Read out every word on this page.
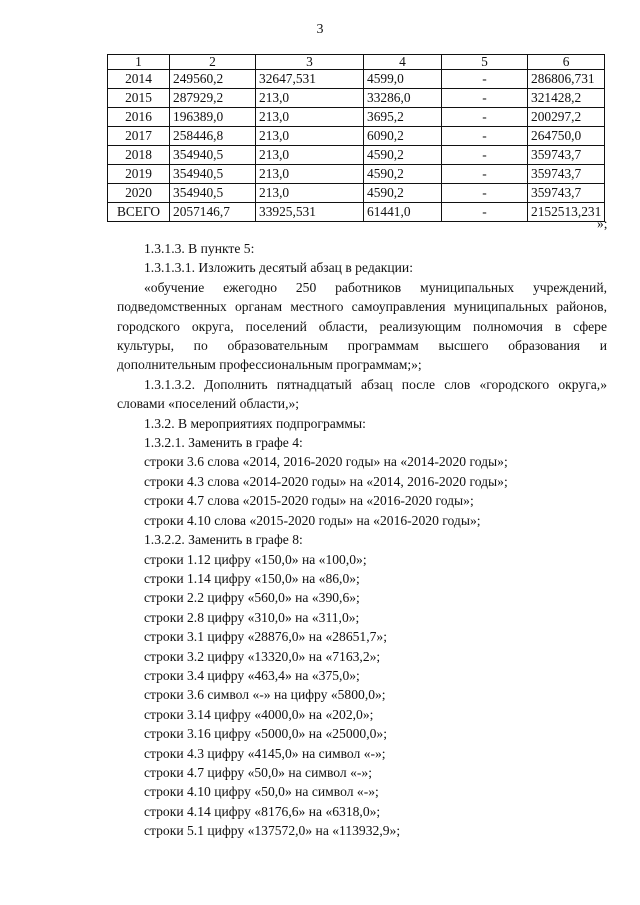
3
1	2	3	4	5	6
2014	249560,2	32647,531	4599,0	-	286806,731
2015	287929,2	213,0	33286,0	-	321428,2
2016	196389,0	213,0	3695,2	-	200297,2
2017	258446,8	213,0	6090,2	-	264750,0
2018	354940,5	213,0	4590,2	-	359743,7
2019	354940,5	213,0	4590,2	-	359743,7
2020	354940,5	213,0	4590,2	-	359743,7
ВСЕГО	2057146,7	33925,531	61441,0	-	2152513,231
»;

1.3.1.3. В пункте 5:

1.3.1.3.1. Изложить десятый абзац в редакции:

«обучение ежегодно 250 работников муниципальных учреждений, подведомственных органам местного самоуправления муниципальных районов, городского округа, поселений области, реализующим полномочия в сфере культуры, по образовательным программам высшего образования и дополнительным профессиональным программам;»;

1.3.1.3.2. Дополнить пятнадцатый абзац после слов «городского округа,» словами «поселений области,»;

1.3.2. В мероприятиях подпрограммы:

1.3.2.1. Заменить в графе 4:

строки 3.6 слова «2014, 2016-2020 годы» на «2014-2020 годы»;

строки 4.3 слова «2014-2020 годы» на «2014, 2016-2020 годы»;

строки 4.7 слова «2015-2020 годы» на «2016-2020 годы»;

строки 4.10 слова «2015-2020 годы» на «2016-2020 годы»;

1.3.2.2. Заменить в графе 8:

строки 1.12 цифру «150,0» на «100,0»;

строки 1.14 цифру «150,0» на «86,0»;

строки 2.2 цифру «560,0» на «390,6»;

строки 2.8 цифру «310,0» на «311,0»;

строки 3.1 цифру «28876,0» на «28651,7»;

строки 3.2 цифру «13320,0» на «7163,2»;

строки 3.4 цифру «463,4» на «375,0»;

строки 3.6 символ «-» на цифру «5800,0»;

строки 3.14 цифру «4000,0» на «202,0»;

строки 3.16 цифру «5000,0» на «25000,0»;

строки 4.3 цифру «4145,0» на символ «-»;

строки 4.7 цифру «50,0» на символ «-»;

строки 4.10 цифру «50,0» на символ «-»;

строки 4.14 цифру «8176,6» на «6318,0»;

строки 5.1 цифру «137572,0» на «113932,9»;
